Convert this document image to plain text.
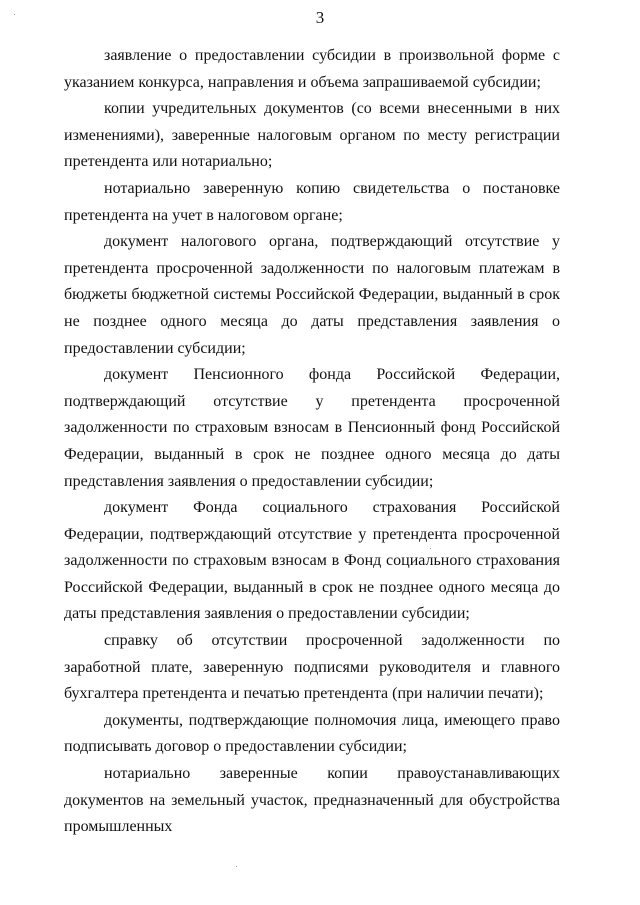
3

заявление о предоставлении субсидии в произвольной форме с указанием конкурса, направления и объема запрашиваемой субсидии;

копии учредительных документов (со всеми внесенными в них изменениями), заверенные налоговым органом по месту регистрации претендента или нотариально;

нотариально заверенную копию свидетельства о постановке претендента на учет в налоговом органе;

документ налогового органа, подтверждающий отсутствие у претендента просроченной задолженности по налоговым платежам в бюджеты бюджетной системы Российской Федерации, выданный в срок не позднее одного месяца до даты представления заявления о предоставлении субсидии;

документ Пенсионного фонда Российской Федерации, подтверждающий отсутствие у претендента просроченной задолженности по страховым взносам в Пенсионный фонд Российской Федерации, выданный в срок не позднее одного месяца до даты представления заявления о предоставлении субсидии;

документ Фонда социального страхования Российской Федерации, подтверждающий отсутствие у претендента просроченной задолженности по страховым взносам в Фонд социального страхования Российской Федерации, выданный в срок не позднее одного месяца до даты представления заявления о предоставлении субсидии;

справку об отсутствии просроченной задолженности по заработной плате, заверенную подписями руководителя и главного бухгалтера претендента и печатью претендента (при наличии печати);

документы, подтверждающие полномочия лица, имеющего право подписывать договор о предоставлении субсидии;

нотариально заверенные копии правоустанавливающих документов на земельный участок, предназначенный для обустройства промышленных
